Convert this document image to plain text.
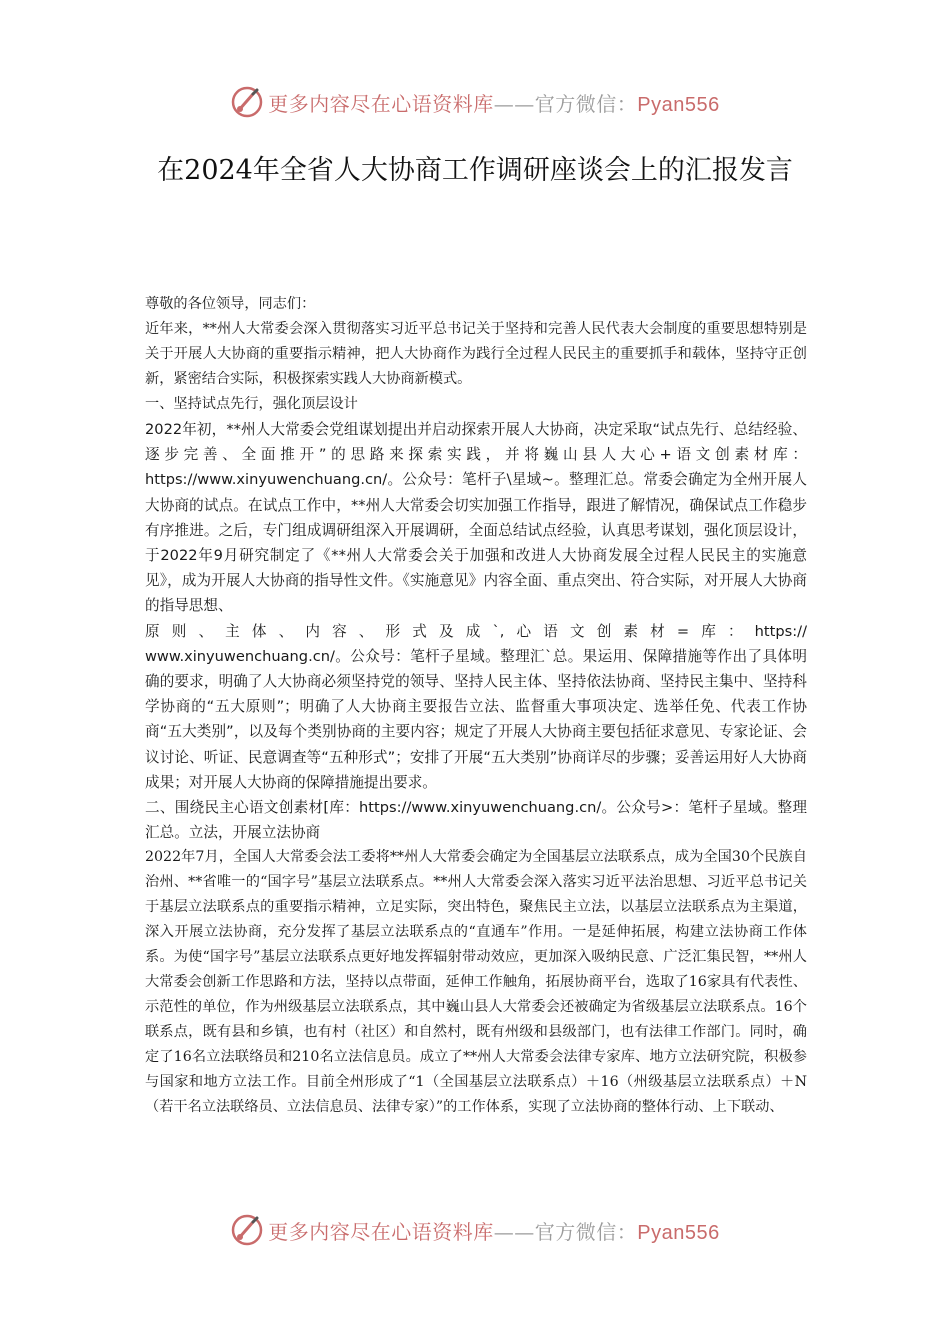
更多内容尽在心语资料库——官方微信：Pyan556
在2024年全省人大协商工作调研座谈会上的汇报发言

尊敬的各位领导，同志们：

近年来，**州人大常委会深入贯彻落实习近平总书记关于坚持和完善人民代表大会制度的重要思想特别是关于开展人大协商的重要指示精神，把人大协商作为践行全过程人民民主的重要抓手和载体，坚持守正创新，紧密结合实际，积极探索实践人大协商新模式。

一、坚持试点先行，强化顶层设计

2022年初，**州人大常委会党组谋划提出并启动探索开展人大协商，决定采取“试点先行、总结经验、逐步完善、全面推开”的思路来探索实践，并将巍山县人大心+语文创素材库：https://www.xinyuwenchuang.cn/。公众号：笔杆子\星域~。整理汇总。常委会确定为全州开展人大协商的试点。在试点工作中，**州人大常委会切实加强工作指导，跟进了解情况，确保试点工作稳步有序推进。之后，专门组成调研组深入开展调研，全面总结试点经验，认真思考谋划，强化顶层设计，于2022年9月研究制定了《**州人大常委会关于加强和改进人大协商发展全过程人民民主的实施意见》，成为开展人大协商的指导性文件。《实施意见》内容全面、重点突出、符合实际，对开展人大协商的指导思想、

原则、主体、内容、形式及成`,心语文创素材=库：https://

www.xinyuwenchuang.cn/。公众号：笔杆子星域。整理汇`总。果运用、保障措施等作出了具体明确的要求，明确了人大协商必须坚持党的领导、坚持人民主体、坚持依法协商、坚持民主集中、坚持科学协商的“五大原则”；明确了人大协商主要报告立法、监督重大事项决定、选举任免、代表工作协商“五大类别”，以及每个类别协商的主要内容；规定了开展人大协商主要包括征求意见、专家论证、会议讨论、听证、民意调查等“五种形式”；安排了开展“五大类别”协商详尽的步骤；妥善运用好人大协商成果；对开展人大协商的保障措施提出要求。

二、围绕民主心语文创素材[库：https://www.xinyuwenchuang.cn/。公众号>：笔杆子星域。整理汇总。立法，开展立法协商

2022年7月，全国人大常委会法工委将**州人大常委会确定为全国基层立法联系点，成为全国30个民族自治州、**省唯一的“国字号”基层立法联系点。**州人大常委会深入落实习近平法治思想、习近平总书记关于基层立法联系点的重要指示精神，立足实际，突出特色，聚焦民主立法，以基层立法联系点为主渠道，深入开展立法协商，充分发挥了基层立法联系点的“直通车”作用。一是延伸拓展，构建立法协商工作体系。为使“国字号”基层立法联系点更好地发挥辐射带动效应，更加深入吸纳民意、广泛汇集民智，**州人大常委会创新工作思路和方法，坚持以点带面，延伸工作触角，拓展协商平台，选取了16家具有代表性、示范性的单位，作为州级基层立法联系点，其中巍山县人大常委会还被确定为省级基层立法联系点。16个联系点，既有县和乡镇，也有村（社区）和自然村，既有州级和县级部门，也有法律工作部门。同时，确定了16名立法联络员和210名立法信息员。成立了**州人大常委会法律专家库、地方立法研究院，积极参与国家和地方立法工作。目前全州形成了“1（全国基层立法联系点）＋16（州级基层立法联系点）＋N（若干名立法联络员、立法信息员、法律专家）”的工作体系，实现了立法协商的整体行动、上下联动、

更多内容尽在心语资料库——官方微信：Pyan556
